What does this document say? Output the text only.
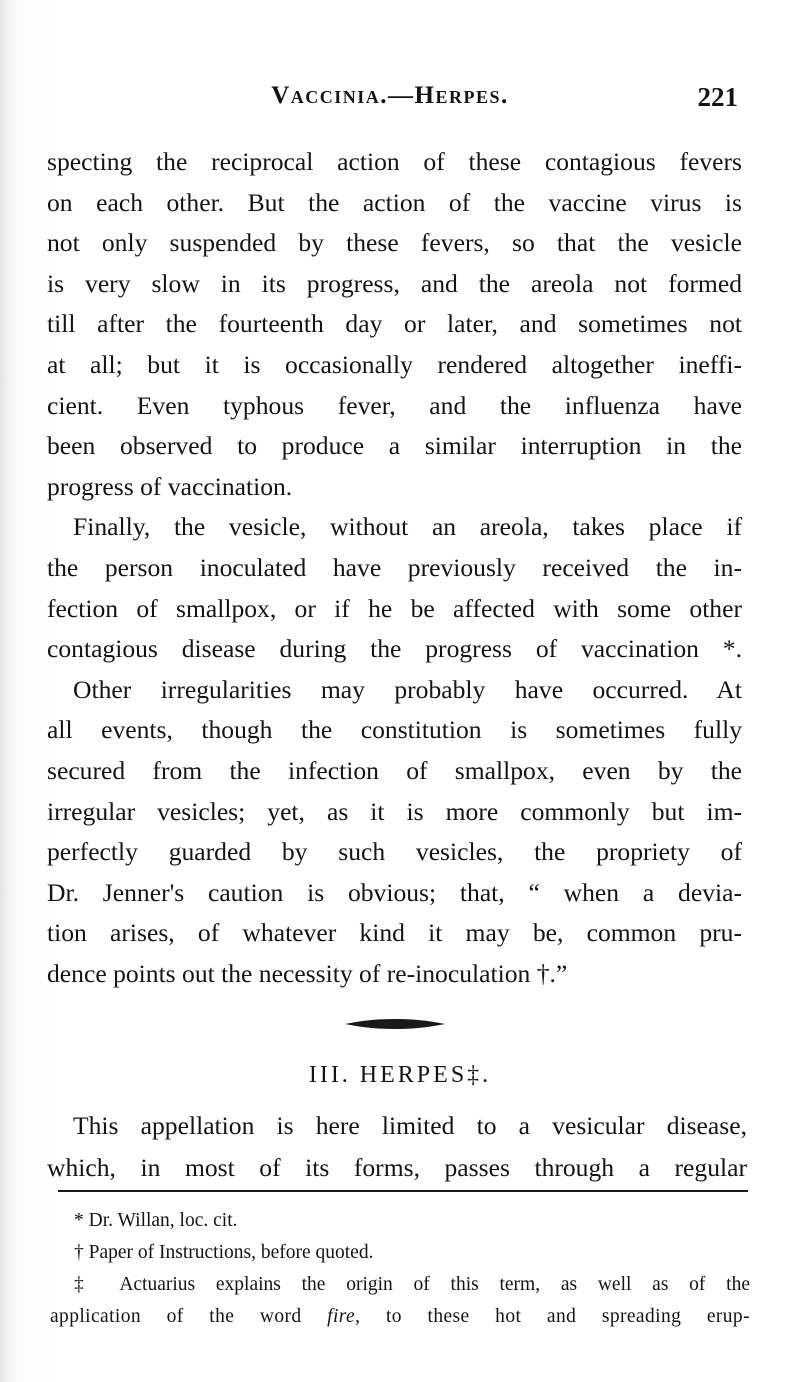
Vaccinia.—Herpes.	221
specting the reciprocal action of these contagious fevers
on each other. But the action of the vaccine virus is
not only suspended by these fevers, so that the vesicle
is very slow in its progress, and the areola not formed
till after the fourteenth day or later, and sometimes not
at all; but it is occasionally rendered altogether ineffi-
cient. Even typhous fever, and the influenza have
been observed to produce a similar interruption in the
progress of vaccination.
Finally, the vesicle, without an areola, takes place if
the person inoculated have previously received the in-
fection of smallpox, or if he be affected with some other
contagious disease during the progress of vaccination *.
Other irregularities may probably have occurred. At
all events, though the constitution is sometimes fully
secured from the infection of smallpox, even by the
irregular vesicles; yet, as it is more commonly but im-
perfectly guarded by such vesicles, the propriety of
Dr. Jenner's caution is obvious; that, “ when a devia-
tion arises, of whatever kind it may be, common pru-
dence points out the necessity of re-inoculation †.”
III. HERPES‡.
This appellation is here limited to a vesicular disease,
which, in most of its forms, passes through a regular

* Dr. Willan, loc. cit.

† Paper of Instructions, before quoted.

‡ Actuarius explains the origin of this term, as well as of the

application of the word fire, to these hot and spreading erup-
